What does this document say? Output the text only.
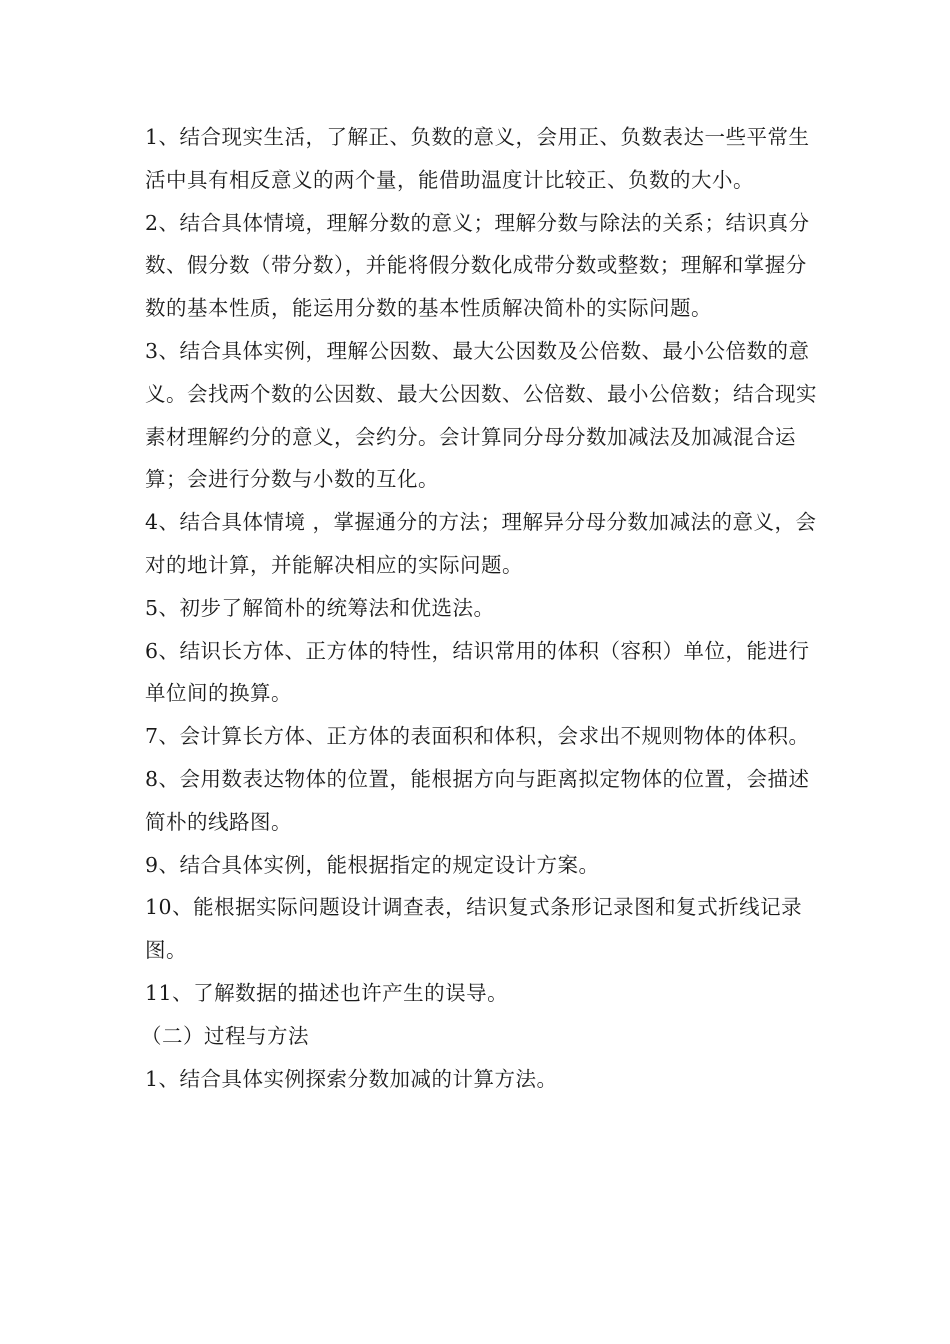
1、结合现实生活，了解正、负数的意义，会用正、负数表达一些平常生活中具有相反意义的两个量，能借助温度计比较正、负数的大小。

2、结合具体情境，理解分数的意义；理解分数与除法的关系；结识真分数、假分数（带分数），并能将假分数化成带分数或整数；理解和掌握分数的基本性质，能运用分数的基本性质解决简朴的实际问题。

3、结合具体实例，理解公因数、最大公因数及公倍数、最小公倍数的意义。会找两个数的公因数、最大公因数、公倍数、最小公倍数；结合现实素材理解约分的意义，会约分。会计算同分母分数加减法及加减混合运算；会进行分数与小数的互化。

4、结合具体情境 ，掌握通分的方法；理解异分母分数加减法的意义，会对的地计算，并能解决相应的实际问题。

5、初步了解简朴的统筹法和优选法。

6、结识长方体、正方体的特性，结识常用的体积（容积）单位，能进行单位间的换算。

7、会计算长方体、正方体的表面积和体积，会求出不规则物体的体积。

8、会用数表达物体的位置，能根据方向与距离拟定物体的位置，会描述简朴的线路图。

9、结合具体实例，能根据指定的规定设计方案。

10、能根据实际问题设计调查表，结识复式条形记录图和复式折线记录图。

11、了解数据的描述也许产生的误导。

（二）过程与方法

1、结合具体实例探索分数加减的计算方法。
